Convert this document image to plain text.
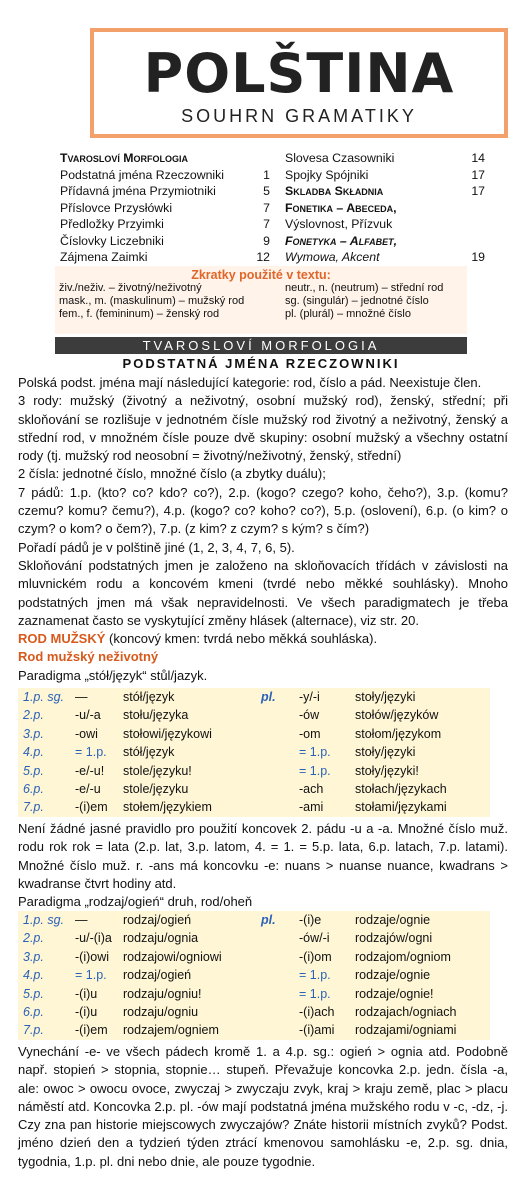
POLŠTINA
SOUHRN GRAMATIKY
Tvarosloví Morfologia
Podstatná jména Rzeczowniki	1
Přídavná jména Przymiotniki	5
Příslovce Przysłówki	7
Předložky Przyimki	7
Číslovky Liczebniki	9
Zájmena Zaimki	12
Slovesa Czasowniki	14
Spojky Spójniki	17
Skladba Składnia	17
Fonetika – Abeceda,
Výslovnost, Přízvuk
Fonetyka – Alfabet,
Wymowa, Akcent	19
Zkratky použité v textu:
živ./neživ. – životný/neživotný
mask., m. (maskulinum) – mužský rod
fem., f. (femininum) – ženský rod
neutr., n. (neutrum) – střední rod
sg. (singulár) – jednotné číslo
pl. (plurál) – množné číslo
TVAROSLOVÍ MORFOLOGIA
PODSTATNÁ JMÉNA RZECZOWNIKI
Polská podst. jména mají následující kategorie: rod, číslo a pád. Neexistuje člen.
3 rody: mužský (životný a neživotný, osobní mužský rod), ženský, střední; při skloňování se rozlišuje v jednotném čísle mužský rod životný a neživotný, ženský a střední rod, v množném čísle pouze dvě skupiny: osobní mužský a všechny ostatní rody (tj. mužský rod neosobní = životný/neživotný, ženský, střední)
2 čísla: jednotné číslo, množné číslo (a zbytky duálu);
7 pádů: 1.p. (kto? co? kdo? co?), 2.p. (kogo? czego? koho, čeho?), 3.p. (komu? czemu? komu? čemu?), 4.p. (kogo? co? koho? co?), 5.p. (oslovení), 6.p. (o kim? o czym? o kom? o čem?), 7.p. (z kim? z czym? s kým? s čím?)
Pořadí pádů je v polštině jiné (1, 2, 3, 4, 7, 6, 5).
Skloňování podstatných jmen je založeno na skloňovacích třídách v závislosti na mluvnickém rodu a koncovém kmeni (tvrdé nebo měkké souhlásky). Mnoho podstatných jmen má však nepravidelnosti. Ve všech paradigmatech je třeba zaznamenat často se vyskytující změny hlásek (alternace), viz str. 20.
ROD MUŽSKÝ (koncový kmen: tvrdá nebo měkká souhláska).
Rod mužský neživotný
Paradigma „stół/język“ stůl/jazyk.
1.p. sg. —	stół/język	pl.	-y/-i	stoły/języki
2.p.	-u/-a	stołu/języka	-ów	stołów/języków
3.p.	-owi	stołowi/językowi	-om	stołom/językom
4.p.	= 1.p.	stół/język	= 1.p.	stoły/języki
5.p.	-e/-u!	stole/języku!	= 1.p.	stoły/języki!
6.p.	-e/-u	stole/języku	-ach	stołach/językach
7.p.	-(i)em	stołem/językiem	-ami	stołami/językami
Není žádné jasné pravidlo pro použití koncovek 2. pádu -u a -a. Množné číslo muž. rodu rok rok = lata (2.p. lat, 3.p. latom, 4. = 1. = 5.p. lata, 6.p. latach, 7.p. latami). Množné číslo muž. r. -ans má koncovku -e: nuans > nuanse nuance, kwadrans > kwadranse čtvrt hodiny atd.
Paradigma „rodzaj/ogień“ druh, rod/oheň
1.p. sg. —	rodzaj/ogień	pl.	-(i)e	rodzaje/ognie
2.p.	-u/-(i)a rodzaju/ognia	-ów/-i	rodzajów/ogni
3.p.	-(i)owi	rodzajowi/ogniowi	-(i)om	rodzajom/ogniom
4.p.	= 1.p.	rodzaj/ogień	= 1.p.	rodzaje/ognie
5.p.	-(i)u	rodzaju/ogniu!	= 1.p.	rodzaje/ognie!
6.p.	-(i)u	rodzaju/ogniu	-(i)ach	rodzajach/ogniach
7.p.	-(i)em	rodzajem/ogniem	-(i)ami	rodzajami/ogniami
Vynechání -e- ve všech pádech kromě 1. a 4.p. sg.: ogień > ognia atd. Podobně např. stopień > stopnia, stopnie… stupeň. Převažuje koncovka 2.p. jedn. čísla -a, ale: owoc > owocu ovoce, zwyczaj > zwyczaju zvyk, kraj > kraju země, plac > placu náměstí atd. Koncovka 2.p. pl. -ów mají podstatná jména mužského rodu v -c, -dz, -j. Czy zna pan historie miejscowych zwyczajów? Znáte historii místních zvyků? Podst. jméno dzień den a tydzień týden ztrácí kmenovou samohlásku -e, 2.p. sg. dnia, tygodnia, 1.p. pl. dni nebo dnie, ale pouze tygodnie.
